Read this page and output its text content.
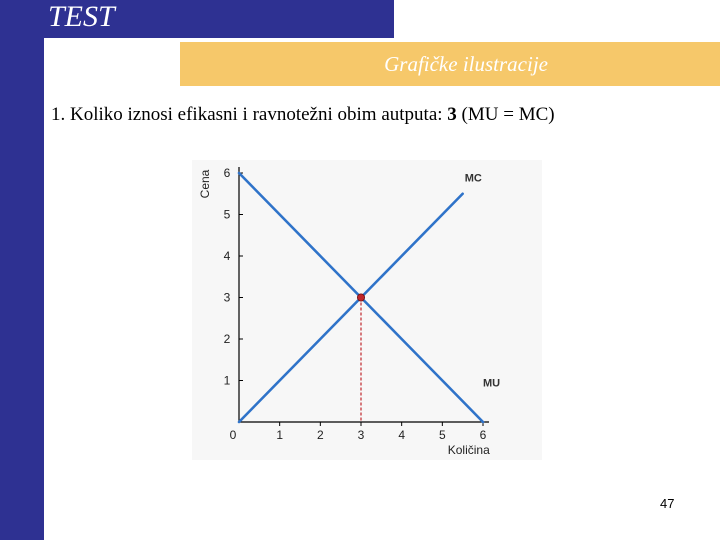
TEST
Grafičke ilustracije
1. Koliko iznosi efikasni i ravnotežni obim autputa: 3 (MU = MC)
0	1	2	3	4	5	6
1
2
3
4
5
6
Količina
Cena	MC
MU
47
